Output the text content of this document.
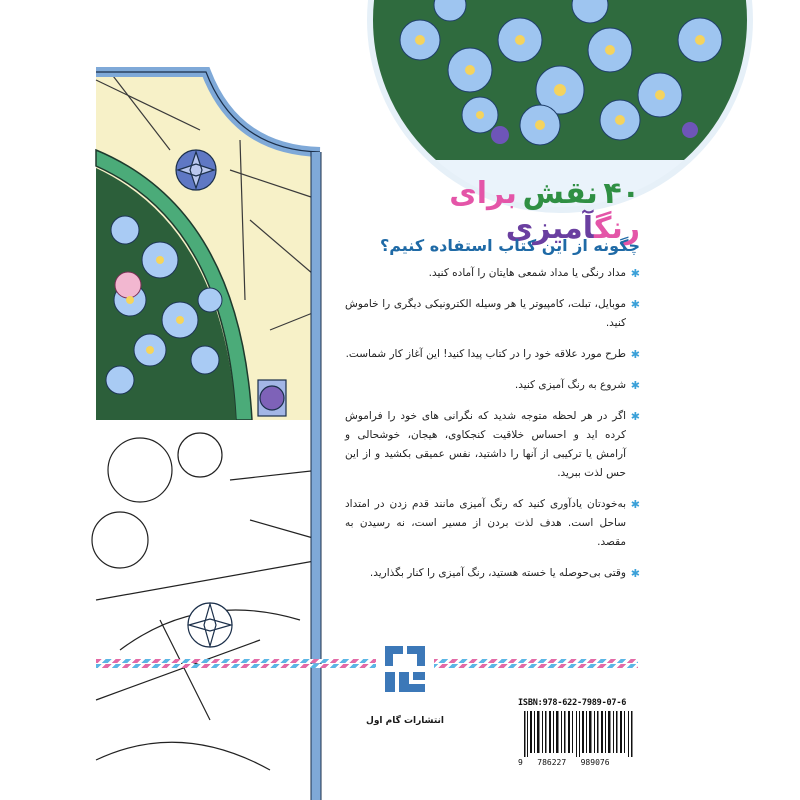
۴۰ نقش برای رنگآمیزی
چگونه از این کتاب استفاده کنیم؟
✱
مداد رنگی یا مداد شمعی هایتان را آماده کنید.
✱
موبایل، تبلت، کامپیوتر یا هر وسیله الکترونیکی دیگری را خاموش کنید.
✱
طرح مورد علاقه خود را در کتاب پیدا کنید! این آغاز کار شماست.
✱
شروع به رنگ آمیزی کنید.
✱
اگر در هر لحظه متوجه شدید که نگرانی های خود را فراموش کرده اید و احساس خلاقیت کنجکاوی، هیجان، خوشحالی و آرامش یا ترکیبی از آنها را داشتید، نفس عمیقی بکشید و از این حس لذت ببرید.
✱
به‌خودتان یادآوری کنید که رنگ آمیزی مانند قدم زدن در امتداد ساحل است. هدف لذت بردن از مسیر است، نه رسیدن به مقصد.
✱
وقتی بی‌حوصله یا خسته هستید، رنگ آمیزی را کنار بگذارید.
انتشارات گام اول
ISBN:978-622-7989-07-6
9   786227   989076
